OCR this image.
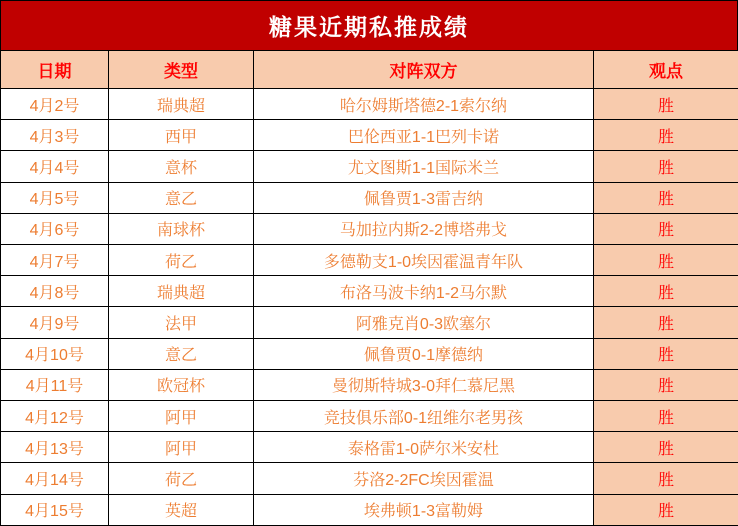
糖果近期私推成绩
日期	类型	对阵双方	观点
4月2号	瑞典超	哈尔姆斯塔德2-1索尔纳	胜
4月3号	西甲	巴伦西亚1-1巴列卡诺	胜
4月4号	意杯	尤文图斯1-1国际米兰	胜
4月5号	意乙	佩鲁贾1-3雷吉纳	胜
4月6号	南球杯	马加拉内斯2-2博塔弗戈	胜
4月7号	荷乙	多德勒支1-0埃因霍温青年队	胜
4月8号	瑞典超	布洛马波卡纳1-2马尔默	胜
4月9号	法甲	阿雅克肖0-3欧塞尔	胜
4月10号	意乙	佩鲁贾0-1摩德纳	胜
4月11号	欧冠杯	曼彻斯特城3-0拜仁慕尼黑	胜
4月12号	阿甲	竞技俱乐部0-1纽维尔老男孩	胜
4月13号	阿甲	泰格雷1-0萨尔米安杜	胜
4月14号	荷乙	芬洛2-2FC埃因霍温	胜
4月15号	英超	埃弗顿1-3富勒姆	胜
